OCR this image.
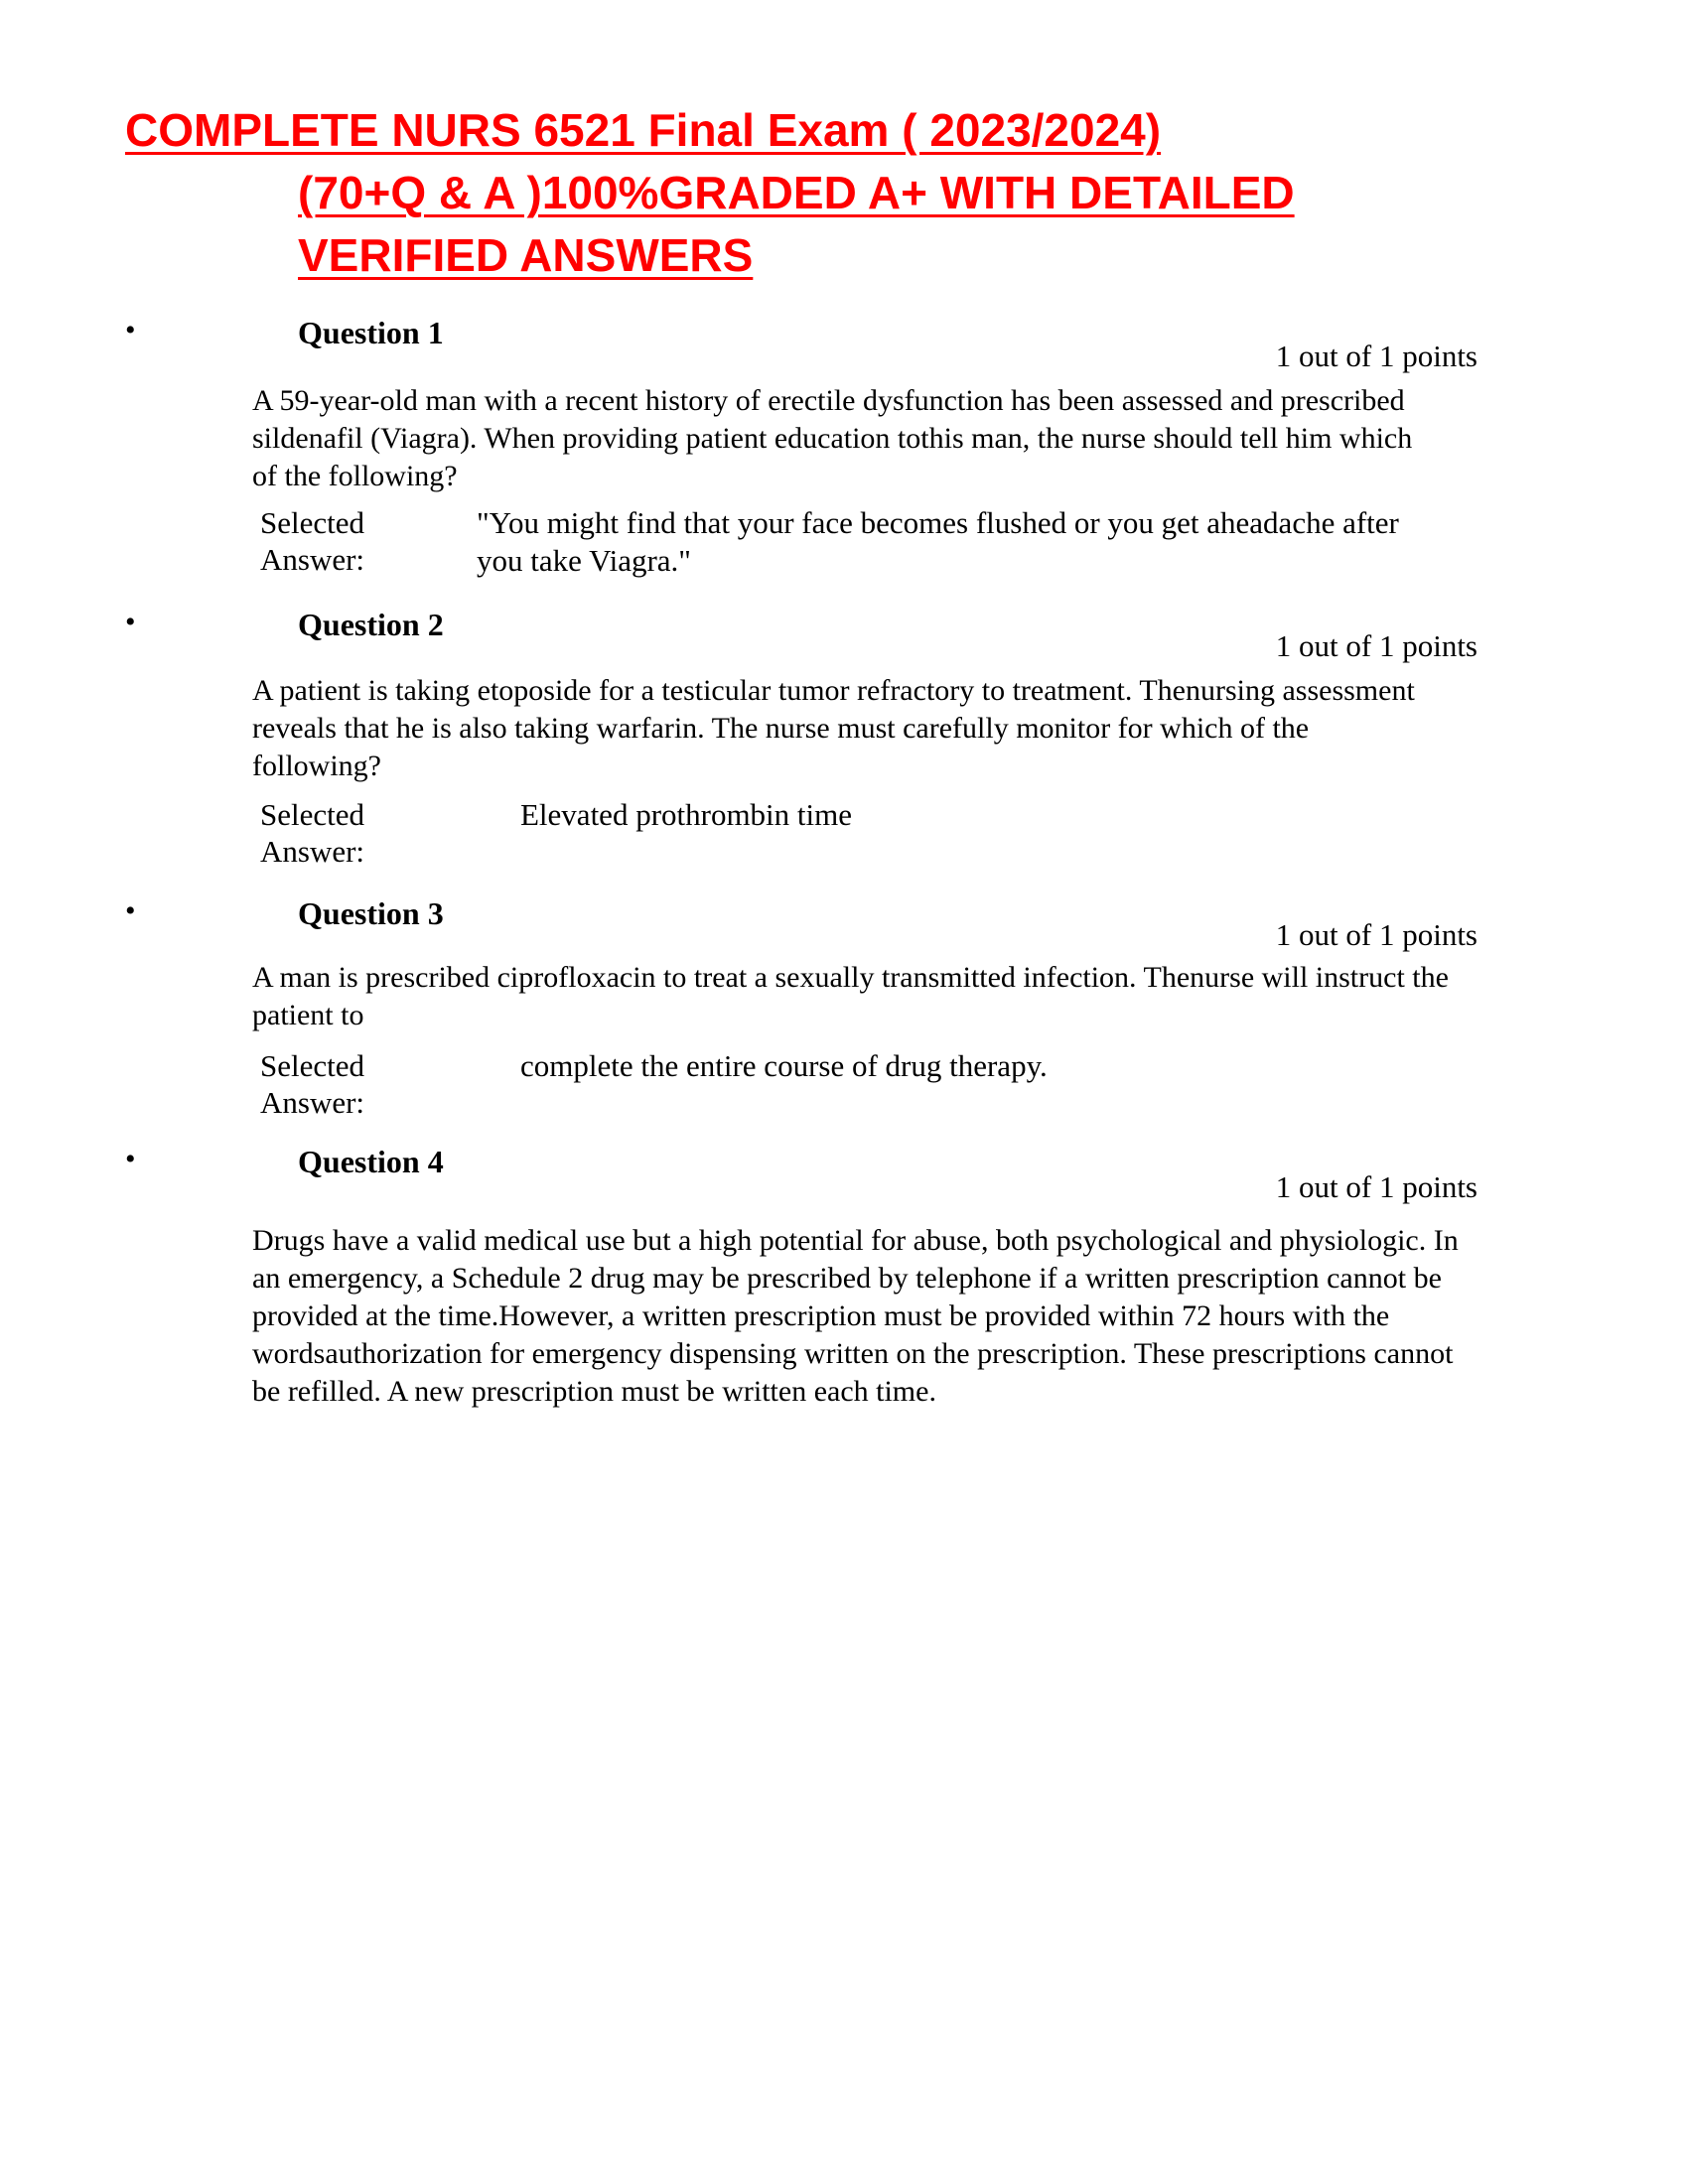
COMPLETE NURS 6521 Final Exam ( 2023/2024)
(70+Q & A )100%GRADED A+ WITH DETAILED
VERIFIED ANSWERS
•	Question 1
1 out of 1 points
A 59-year-old man with a recent history of erectile dysfunction has been assessed and prescribed sildenafil (Viagra). When providing patient education tothis man, the nurse should tell him which of the following?
Selected Answer:
"You might find that your face becomes flushed or you get aheadache after you take Viagra."
•	Question 2
1 out of 1 points
A patient is taking etoposide for a testicular tumor refractory to treatment. Thenursing assessment reveals that he is also taking warfarin. The nurse must carefully monitor for which of the following?
Selected Answer:
Elevated prothrombin time
•	Question 3
1 out of 1 points
A man is prescribed ciprofloxacin to treat a sexually transmitted infection. Thenurse will instruct the patient to
Selected Answer:
complete the entire course of drug therapy.
•	Question 4
1 out of 1 points
Drugs have a valid medical use but a high potential for abuse, both psychological and physiologic. In an emergency, a Schedule 2 drug may be prescribed by telephone if a written prescription cannot be provided at the time.However, a written prescription must be provided within 72 hours with the wordsauthorization for emergency dispensing written on the prescription. These prescriptions cannot be refilled. A new prescription must be written each time.
